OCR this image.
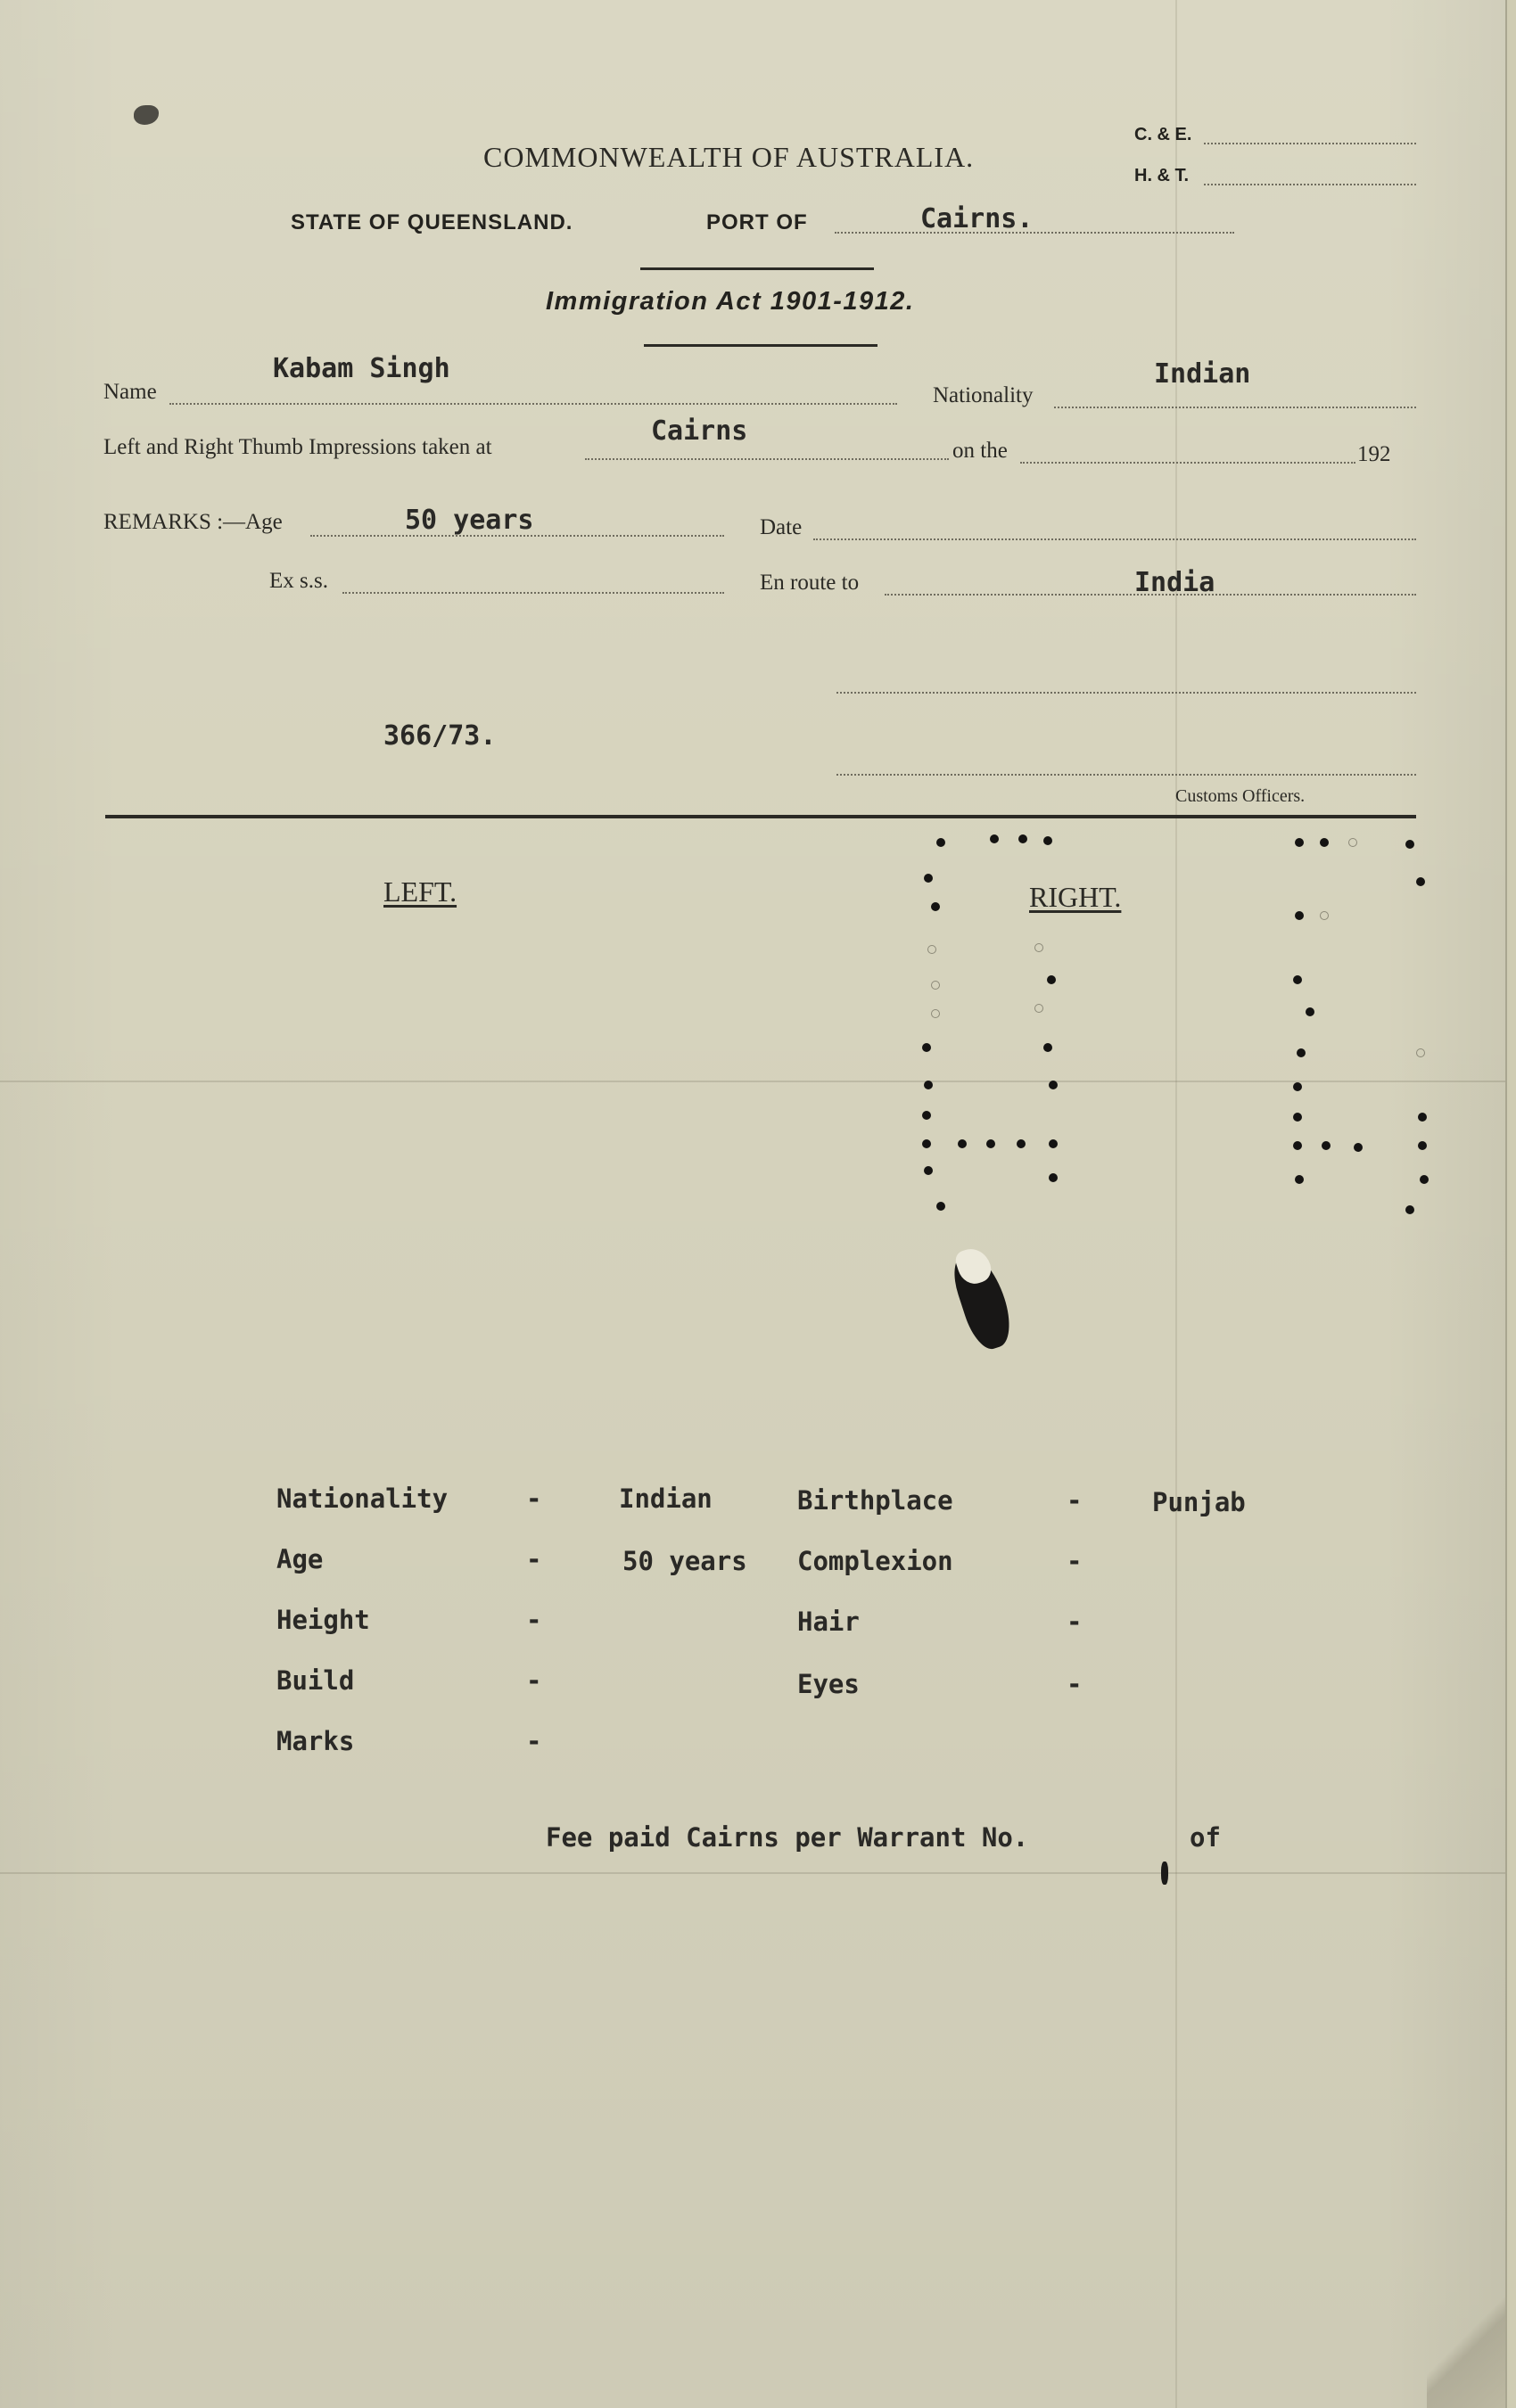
COMMONWEALTH OF AUSTRALIA.
C. & E.
H. & T.
STATE OF QUEENSLAND.	PORT OF	Cairns.
Immigration Act 1901-1912.
Name
Kabam Singh
Nationality
Indian
Left and Right Thumb Impressions taken at
Cairns
on the	192
REMARKS :—Age	50 years	Date
Ex s.s.	En route to	India
Customs Officers.
366/73.
LEFT.	RIGHT.
Nationality	-	Indian	Birthplace	-	Punjab
Age	-	50 years Complexion	-
Height	-	Hair	-
Build	-	Eyes	-
Marks	-
Fee paid Cairns per Warrant No.	of
